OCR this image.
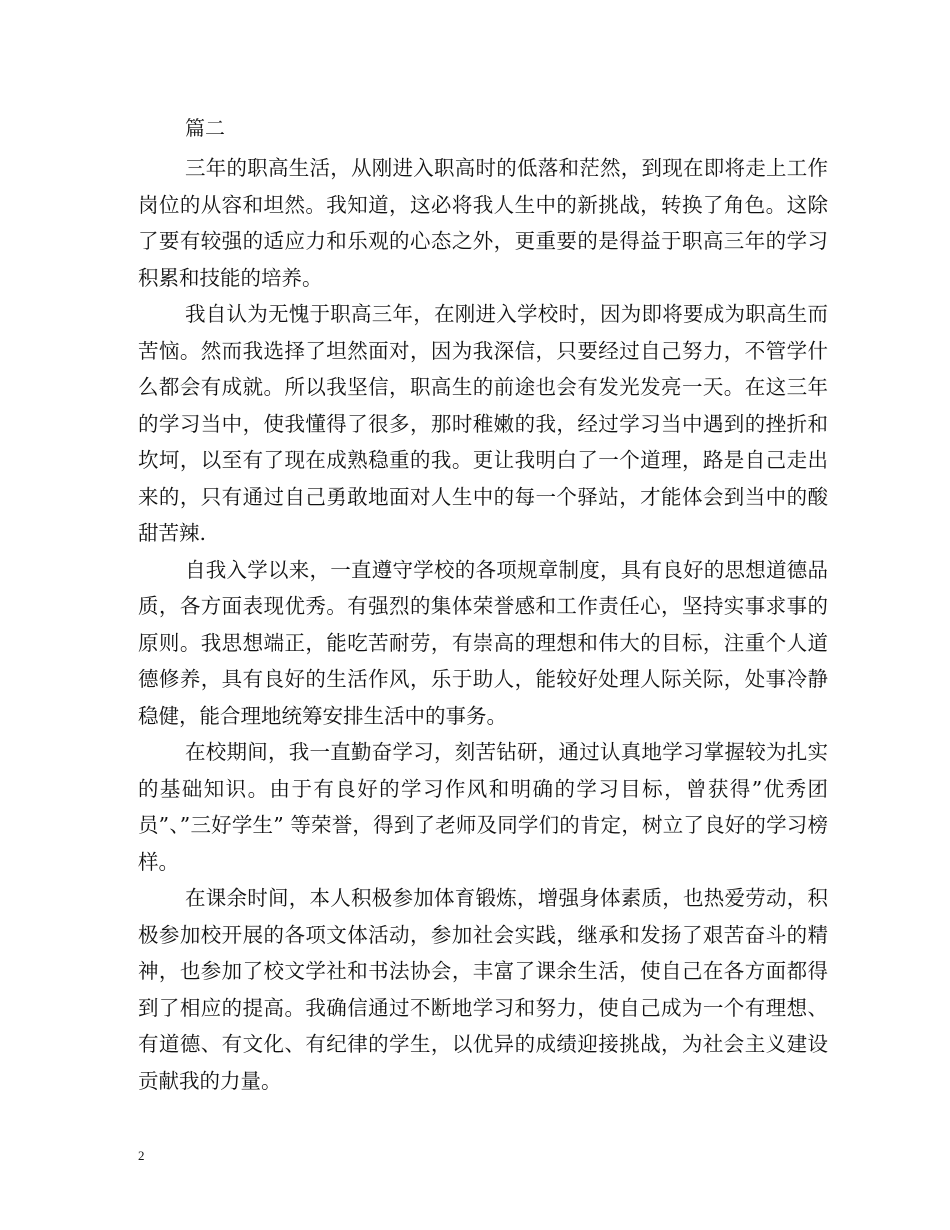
篇二

三年的职高生活，从刚进入职高时的低落和茫然，到现在即将走上工作岗位的从容和坦然。我知道，这必将我人生中的新挑战，转换了角色。这除了要有较强的适应力和乐观的心态之外，更重要的是得益于职高三年的学习积累和技能的培养。

我自认为无愧于职高三年，在刚进入学校时，因为即将要成为职高生而苦恼。然而我选择了坦然面对，因为我深信，只要经过自己努力，不管学什么都会有成就。所以我坚信，职高生的前途也会有发光发亮一天。在这三年的学习当中，使我懂得了很多，那时稚嫩的我，经过学习当中遇到的挫折和坎坷，以至有了现在成熟稳重的我。更让我明白了一个道理，路是自己走出来的，只有通过自己勇敢地面对人生中的每一个驿站，才能体会到当中的酸甜苦辣.

自我入学以来，一直遵守学校的各项规章制度，具有良好的思想道德品质，各方面表现优秀。有强烈的集体荣誉感和工作责任心，坚持实事求事的原则。我思想端正，能吃苦耐劳，有崇高的理想和伟大的目标，注重个人道德修养，具有良好的生活作风，乐于助人，能较好处理人际关际，处事冷静稳健，能合理地统筹安排生活中的事务。

在校期间，我一直勤奋学习，刻苦钻研，通过认真地学习掌握较为扎实的基础知识。由于有良好的学习作风和明确的学习目标，曾获得”优秀团员”、”三好学生” 等荣誉，得到了老师及同学们的肯定，树立了良好的学习榜样。

在课余时间，本人积极参加体育锻炼，增强身体素质，也热爱劳动，积极参加校开展的各项文体活动，参加社会实践，继承和发扬了艰苦奋斗的精神，也参加了校文学社和书法协会，丰富了课余生活，使自己在各方面都得到了相应的提高。我确信通过不断地学习和努力，使自己成为一个有理想、有道德、有文化、有纪律的学生，以优异的成绩迎接挑战，为社会主义建设贡献我的力量。

2
